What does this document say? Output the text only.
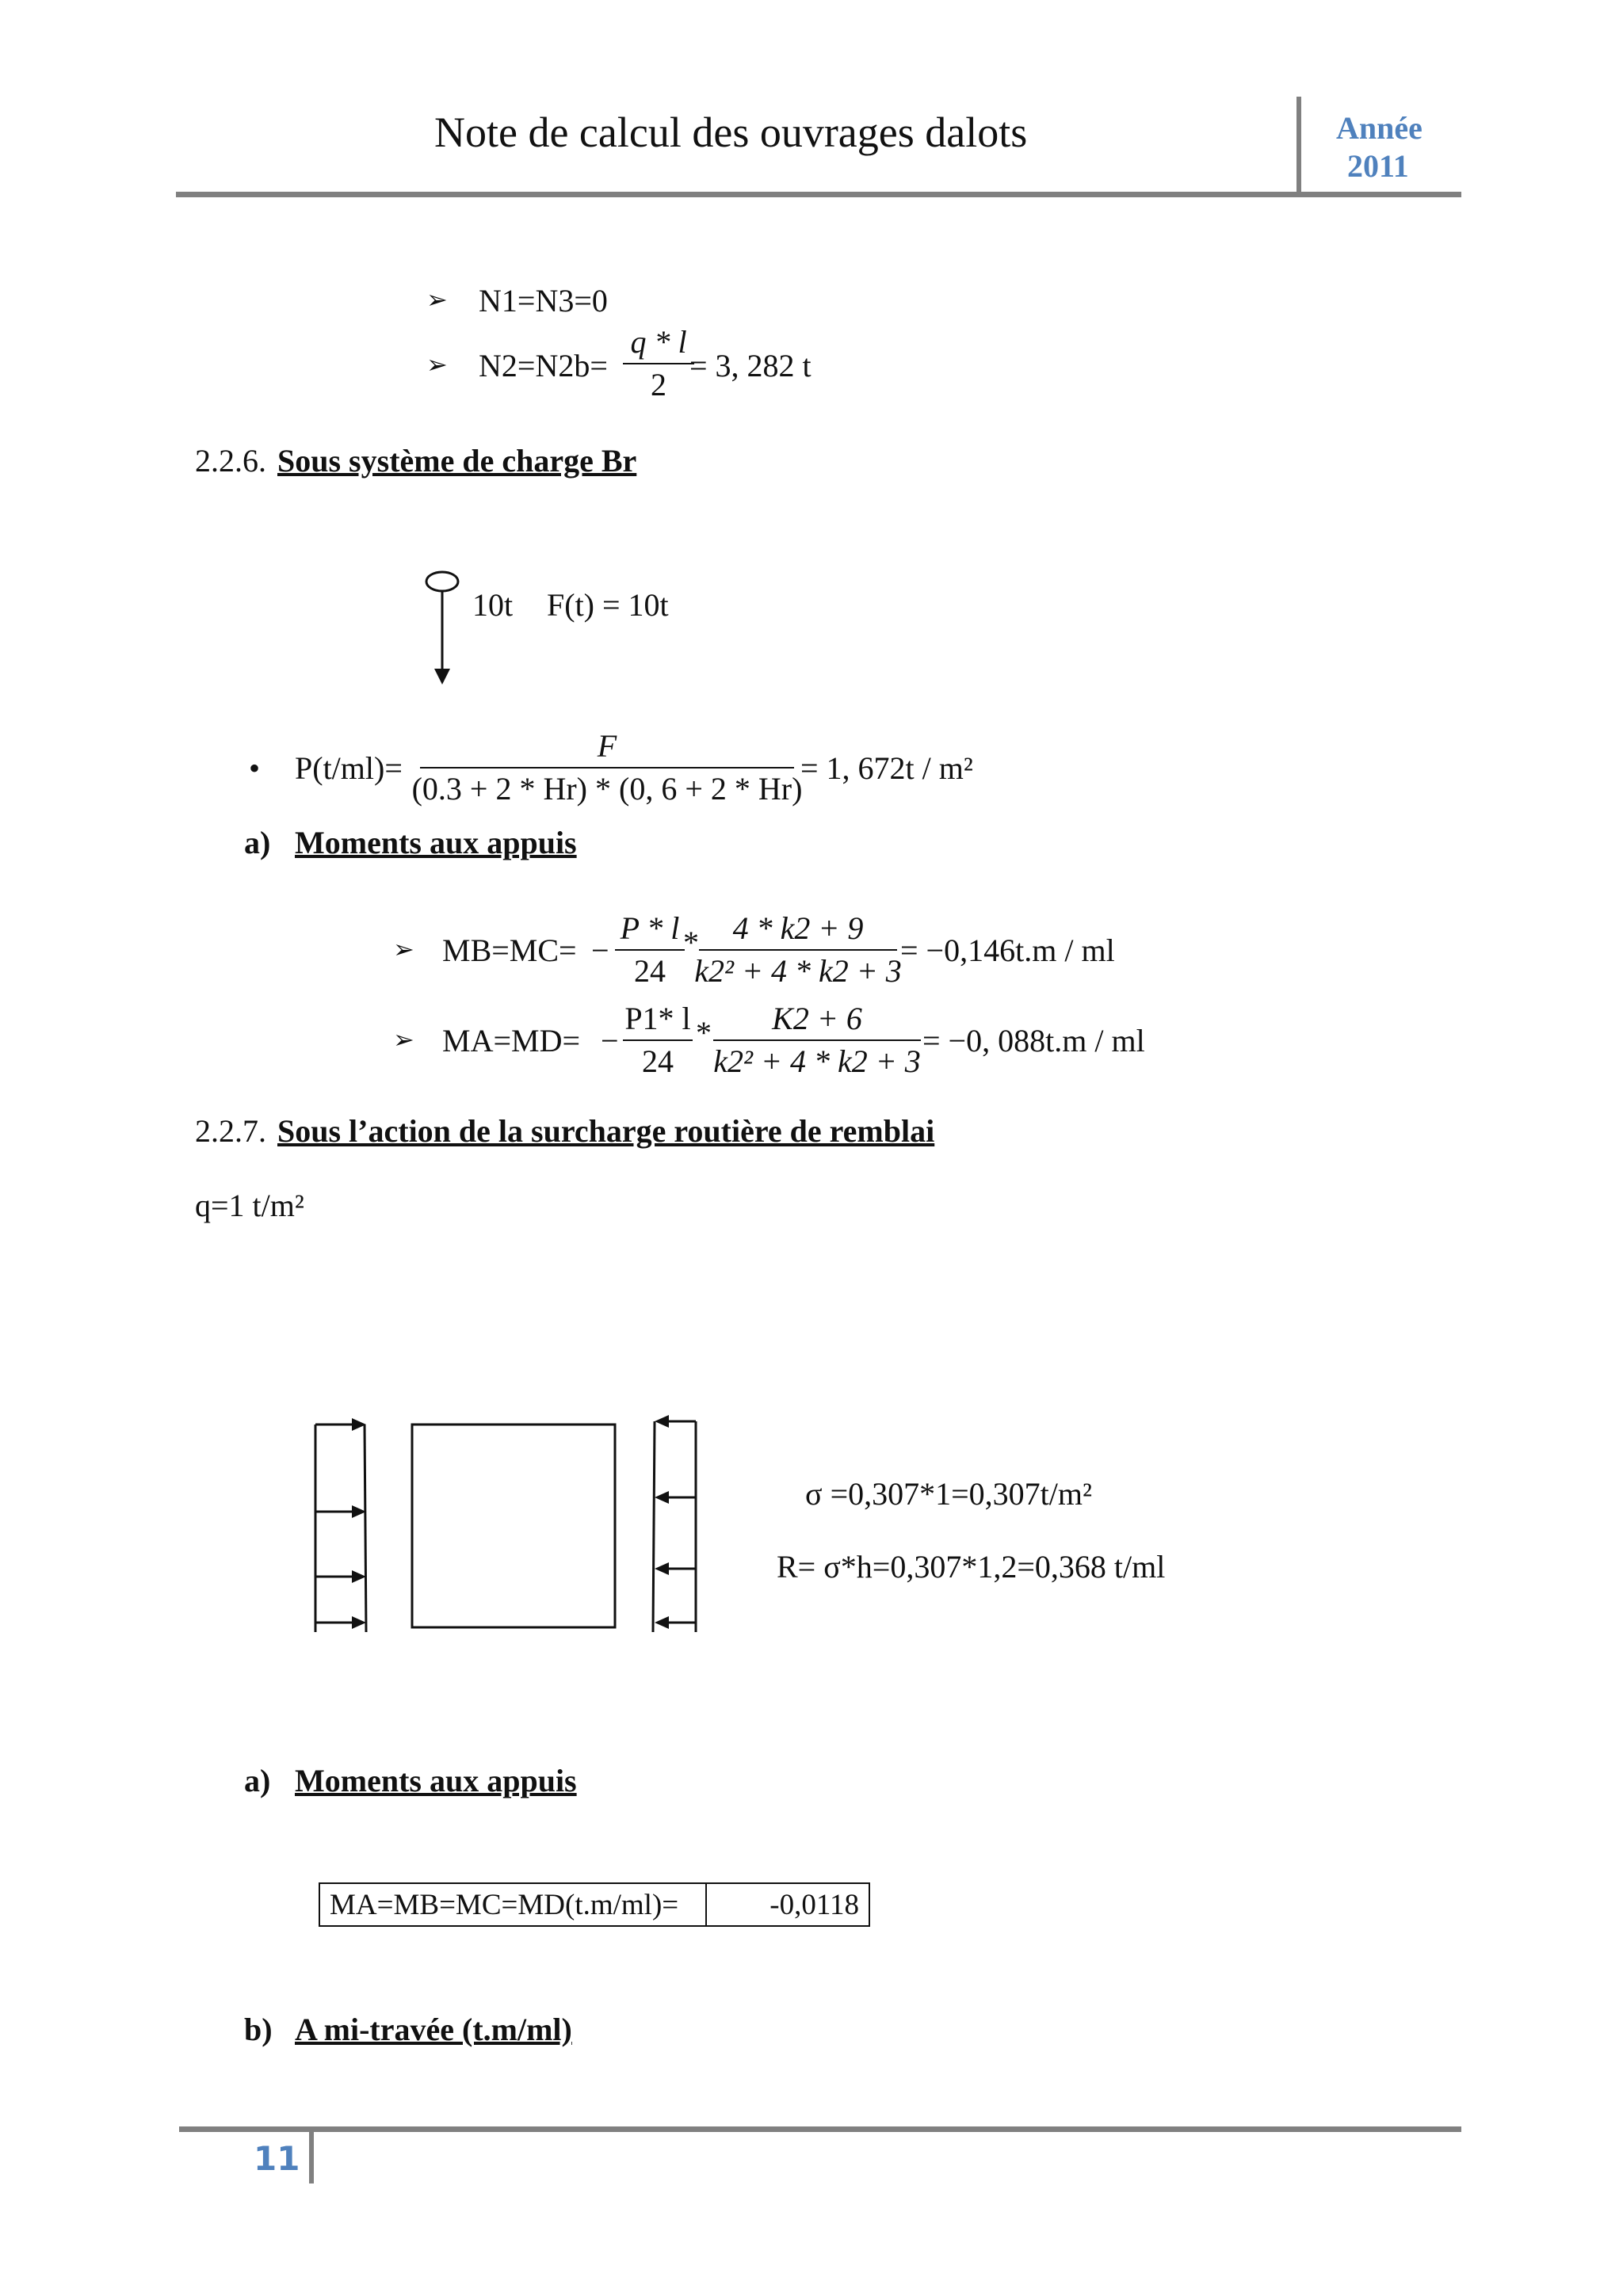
Note de calcul des ouvrages dalots	Année
2011
➢ N1=N3=0
➢ N2=N2b=
q * l
2
= 3, 282 t
2.2.6. Sous système de charge Br
10t F(t) = 10t
• P(t/ml)=
F
(0.3 + 2 * Hr) * (0, 6 + 2 * Hr)
= 1, 672t / m²
a) Moments aux appuis
➢ MB=MC= −
P * l
24
* 4 * k2 + 9
k2² + 4 * k2 + 3
= −0,146t.m / ml
➢ MA=MD= −
P1* l
24
* K2 + 6
k2² + 4 * k2 + 3
= −0, 088t.m / ml
2.2.7. Sous l’action de la surcharge routière de remblai
q=1 t/m²
σ =0,307*1=0,307t/m²
R= σ*h=0,307*1,2=0,368 t/ml
a) Moments aux appuis
MA=MB=MC=MD(t.m/ml)=	-0,0118
b) A mi-travée (t.m/ml)
11
